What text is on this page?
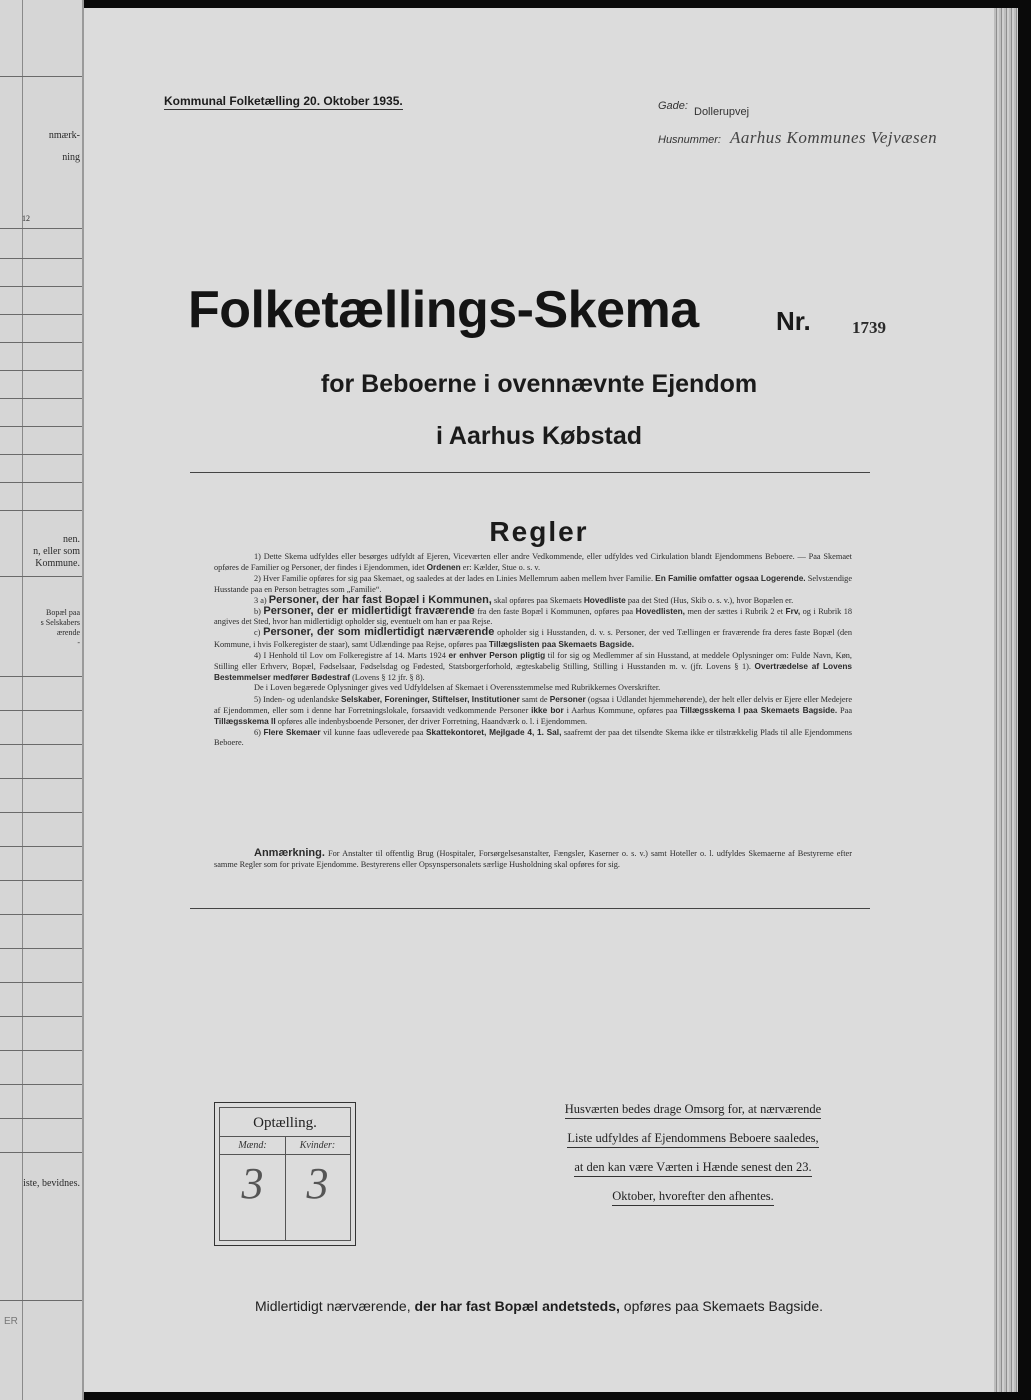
nmærk-
ning
12
nen.
n, eller som
Kommune.
Bopæl paa
s Selskabers
ærende
-
iste, bevidnes.
ER
Kommunal Folketælling 20. Oktober 1935.	Gade: Dollerupvej
Husnummer: Aarhus Kommunes Vejvæsen
Folketællings-Skema	Nr. 1739
for Beboerne i ovennævnte Ejendom
i Aarhus Købstad
Regler

1) Dette Skema udfyldes eller besørges udfyldt af Ejeren, Viceværten eller andre Vedkommende, eller udfyldes ved Cirkulation blandt Ejendommens Beboere. — Paa Skemaet opføres de Familier og Personer, der findes i Ejendommen, idet Ordenen er: Kælder, Stue o. s. v.

2) Hver Familie opføres for sig paa Skemaet, og saaledes at der lades en Linies Mellemrum aaben mellem hver Familie. En Familie omfatter ogsaa Logerende. Selvstændige Husstande paa en Person betragtes som „Familie“.

3 a) Personer, der har fast Bopæl i Kommunen, skal opføres paa Skemaets Hovedliste paa det Sted (Hus, Skib o. s. v.), hvor Bopælen er.

b) Personer, der er midlertidigt fraværende fra den faste Bopæl i Kommunen, opføres paa Hovedlisten, men der sættes i Rubrik 2 et Frv, og i Rubrik 18 angives det Sted, hvor han midlertidigt opholder sig, eventuelt om han er paa Rejse.

c) Personer, der som midlertidigt nærværende opholder sig i Husstanden, d. v. s. Personer, der ved Tællingen er fraværende fra deres faste Bopæl (den Kommune, i hvis Folkeregister de staar), samt Udlændinge paa Rejse, opføres paa Tillægslisten paa Skemaets Bagside.

4) I Henhold til Lov om Folkeregistre af 14. Marts 1924 er enhver Person pligtig til for sig og Medlemmer af sin Husstand, at meddele Oplysninger om: Fulde Navn, Køn, Stilling eller Erhverv, Bopæl, Fødselsaar, Fødselsdag og Fødested, Statsborgerforhold, ægteskabelig Stilling, Stilling i Husstanden m. v. (jfr. Lovens § 1). Overtrædelse af Lovens Bestemmelser medfører Bødestraf (Lovens § 12 jfr. § 8).

De i Loven begærede Oplysninger gives ved Udfyldelsen af Skemaet i Overensstemmelse med Rubrikkernes Overskrifter.

5) Inden- og udenlandske Selskaber, Foreninger, Stiftelser, Institutioner samt de Personer (ogsaa i Udlandet hjemmehørende), der helt eller delvis er Ejere eller Medejere af Ejendommen, eller som i denne har Forretningslokale, forsaavidt vedkommende Personer ikke bor i Aarhus Kommune, opføres paa Tillægsskema I paa Skemaets Bagside. Paa Tillægsskema II opføres alle indenbysboende Personer, der driver Forretning, Haandværk o. l. i Ejendommen.

6) Flere Skemaer vil kunne faas udleverede paa Skattekontoret, Mejlgade 4, 1. Sal, saafremt der paa det tilsendte Skema ikke er tilstrækkelig Plads til alle Ejendommens Beboere.

Anmærkning. For Anstalter til offentlig Brug (Hospitaler, Forsørgelsesanstalter, Fængsler, Kaserner o. s. v.) samt Hoteller o. l. udfyldes Skemaerne af Bestyrerne efter samme Regler som for private Ejendomme. Bestyrerens eller Opsynspersonalets særlige Husholdning skal opføres for sig.
Optælling.
Mænd:	Kvinder:
3 3
Husværten bedes drage Omsorg for, at nærværende
Liste udfyldes af Ejendommens Beboere saaledes,
at den kan være Værten i Hænde senest den 23.
Oktober, hvorefter den afhentes.
Midlertidigt nærværende, der har fast Bopæl andetsteds, opføres paa Skemaets Bagside.
